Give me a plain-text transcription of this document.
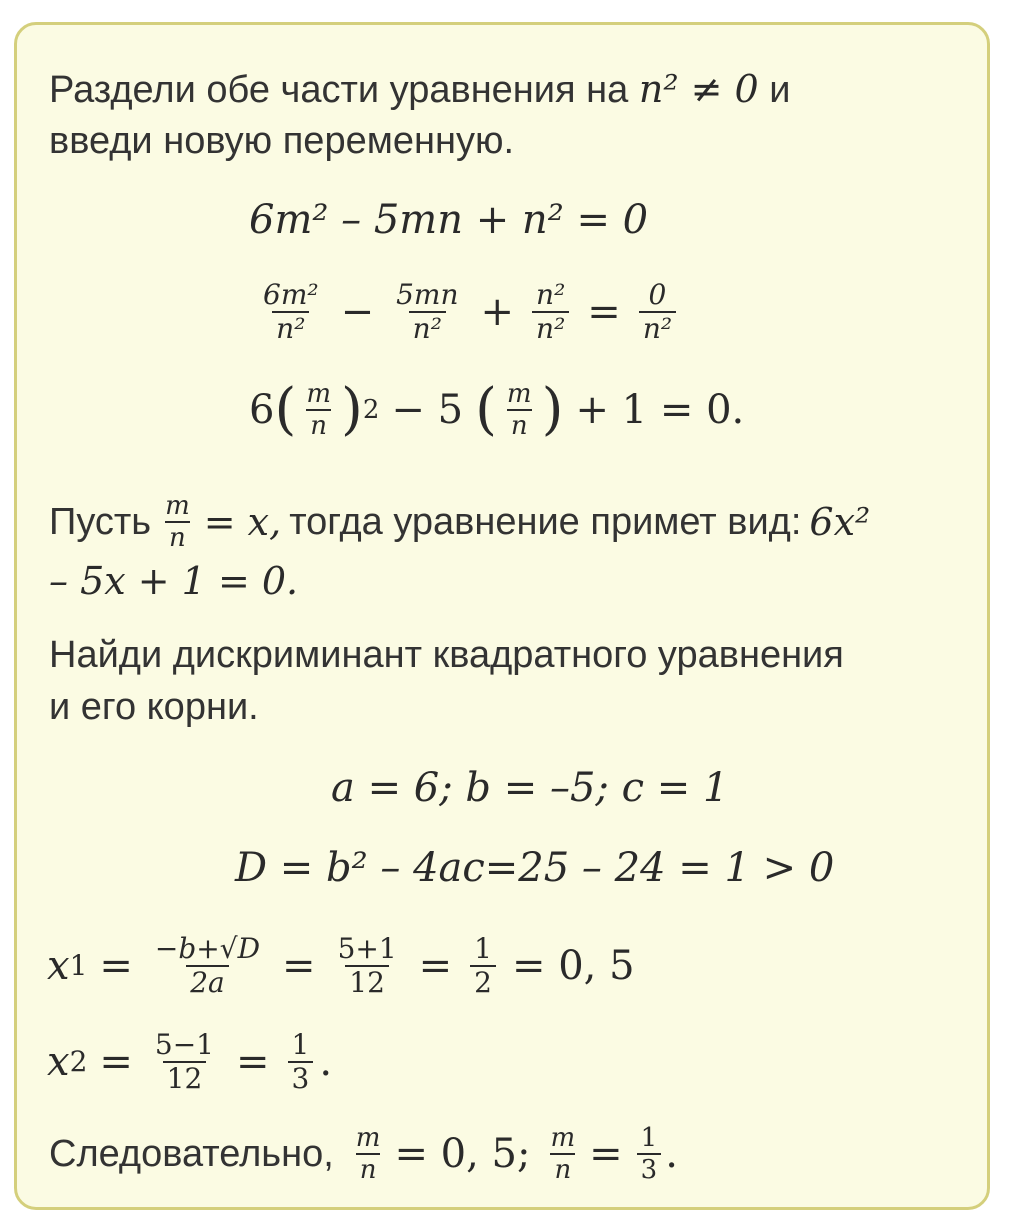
Раздели обе части уравнения на n² ≠ 0 и
введи новую переменную.
6m² – 5mn + n² = 0
$\frac{\text{6m²}}{\text{n²}} - \frac{5mn}{\text{n²}} + \frac{\text{n²}}{\text{n²}} = \frac{0}{\text{n²}}$
6 ( $\frac{m}{n}$ ) 2 − 5 ( $\frac{m}{n}$ ) + 1 = 0.
Пусть $\frac{m}{n} = x$, тогда уравнение примет вид: 6x²
– 5x + 1 = 0.
Найди дискриминант квадратного уравнения
и его корни.
a = 6; b = –5; c = 1
D = b² – 4ac=25 – 24 = 1 > 0
x $1 = \frac{-b+√D}{2a} = \frac{5+1}{12} = \frac{1}{2} = 0$, 5
x $2 = \frac{5-1}{12} = \frac{1}{3}$ .
Следовательно, $\frac{m}{n} = 0$, 5; $\frac{m}{n} = \frac{1}{3}$ .
